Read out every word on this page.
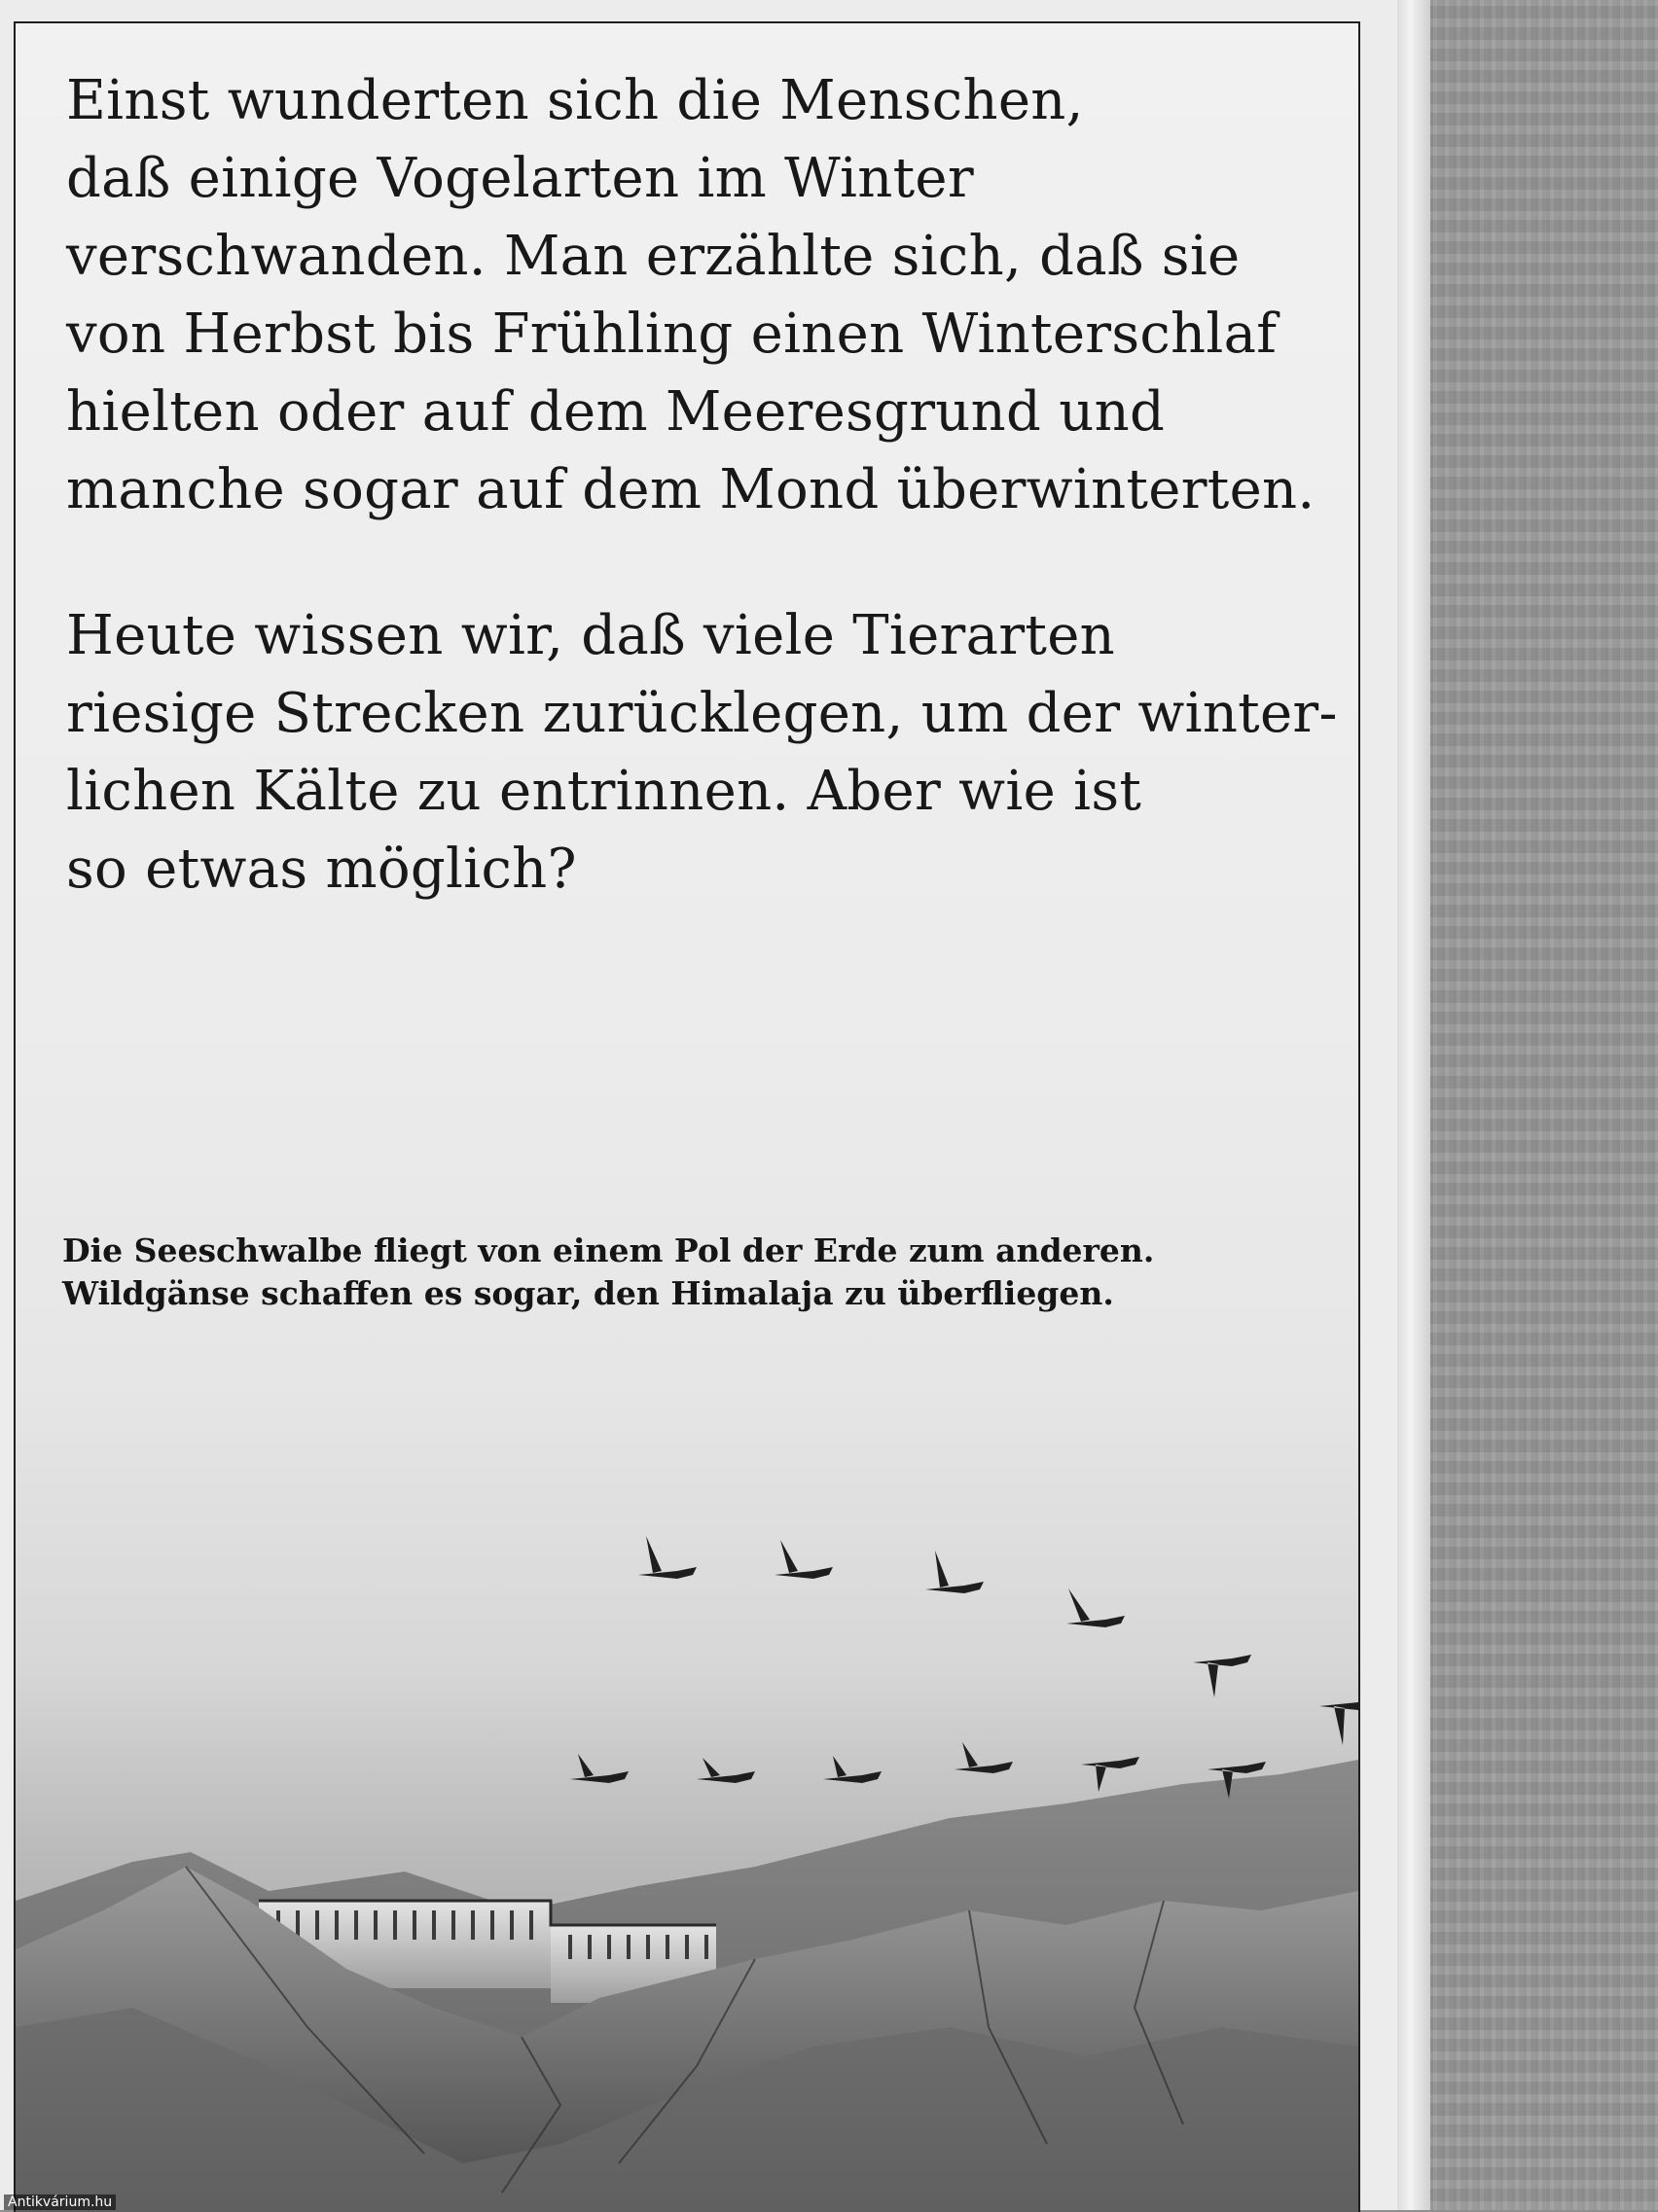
Einst wunderten sich die Menschen,
daß einige Vogelarten im Winter
verschwanden. Man erzählte sich, daß sie
von Herbst bis Frühling einen Winterschlaf
hielten oder auf dem Meeresgrund und
manche sogar auf dem Mond überwinterten.

Heute wissen wir, daß viele Tierarten
riesige Strecken zurücklegen, um der winter-
lichen Kälte zu entrinnen. Aber wie ist
so etwas möglich?

Die Seeschwalbe fliegt von einem Pol der Erde zum anderen.
Wildgänse schaffen es sogar, den Himalaja zu überfliegen.

Antikvárium.hu
